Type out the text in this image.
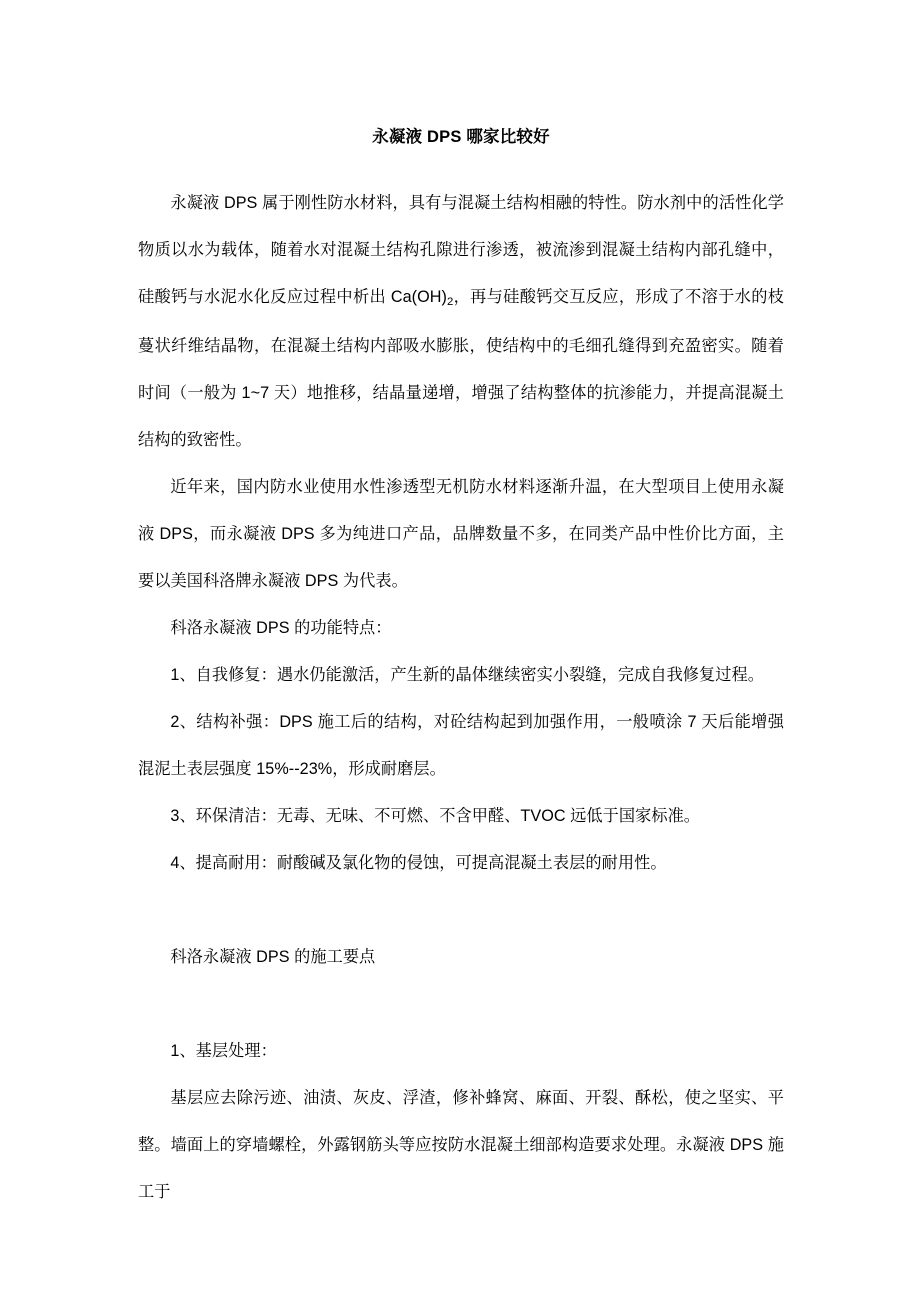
永凝液 DPS 哪家比较好

永凝液 DPS 属于刚性防水材料，具有与混凝土结构相融的特性。防水剂中的活性化学物质以水为载体，随着水对混凝土结构孔隙进行渗透，被流渗到混凝土结构内部孔缝中，硅酸钙与水泥水化反应过程中析出 $Ca(OH)_2$，再与硅酸钙交互反应，形成了不溶于水的枝蔓状纤维结晶物，在混凝土结构内部吸水膨胀，使结构中的毛细孔缝得到充盈密实。随着时间（一般为 1~7 天）地推移，结晶量递增，增强了结构整体的抗渗能力，并提高混凝土结构的致密性。

近年来，国内防水业使用水性渗透型无机防水材料逐渐升温，在大型项目上使用永凝液 DPS，而永凝液 DPS 多为纯进口产品，品牌数量不多，在同类产品中性价比方面，主要以美国科洛牌永凝液 DPS 为代表。

科洛永凝液 DPS 的功能特点：

1、自我修复：遇水仍能激活，产生新的晶体继续密实小裂缝，完成自我修复过程。

2、结构补强：DPS 施工后的结构，对砼结构起到加强作用，一般喷涂 7 天后能增强混泥土表层强度 15%--23%，形成耐磨层。

3、环保清洁：无毒、无味、不可燃、不含甲醛、TVOC 远低于国家标准。

4、提高耐用：耐酸碱及氯化物的侵蚀，可提高混凝土表层的耐用性。

科洛永凝液 DPS 的施工要点

1、基层处理：

基层应去除污迹、油渍、灰皮、浮渣，修补蜂窝、麻面、开裂、酥松，使之坚实、平整。墙面上的穿墙螺栓，外露钢筋头等应按防水混凝土细部构造要求处理。永凝液 DPS 施工于
